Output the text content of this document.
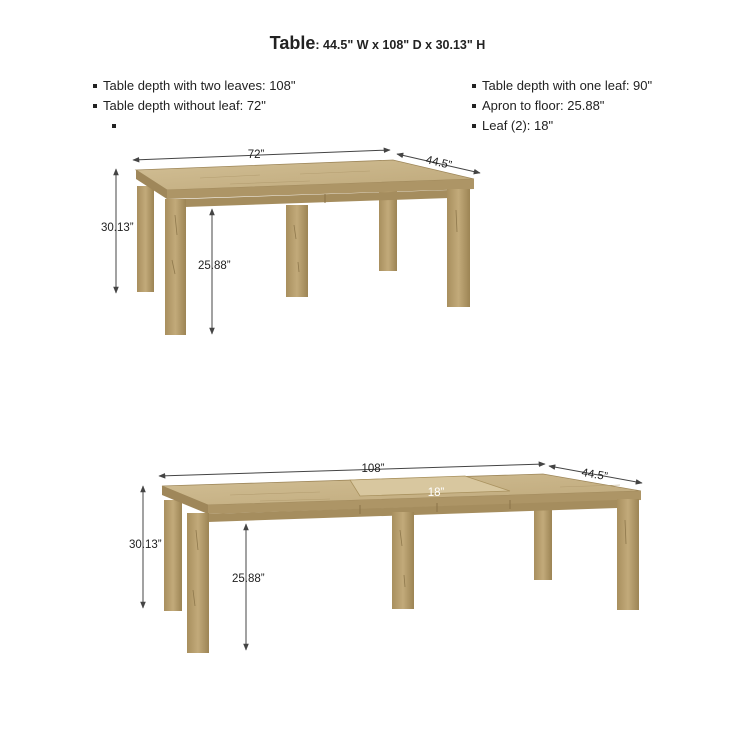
Table: 44.5" W x 108" D x 30.13" H
Table depth with two leaves: 108"
Table depth without leaf: 72"
Table depth with one leaf: 90"
Apron to floor: 25.88"
Leaf (2): 18"
72”	44.5”
30.13”
25.88”
108”	44.5”
18”
30.13”
25.88”
